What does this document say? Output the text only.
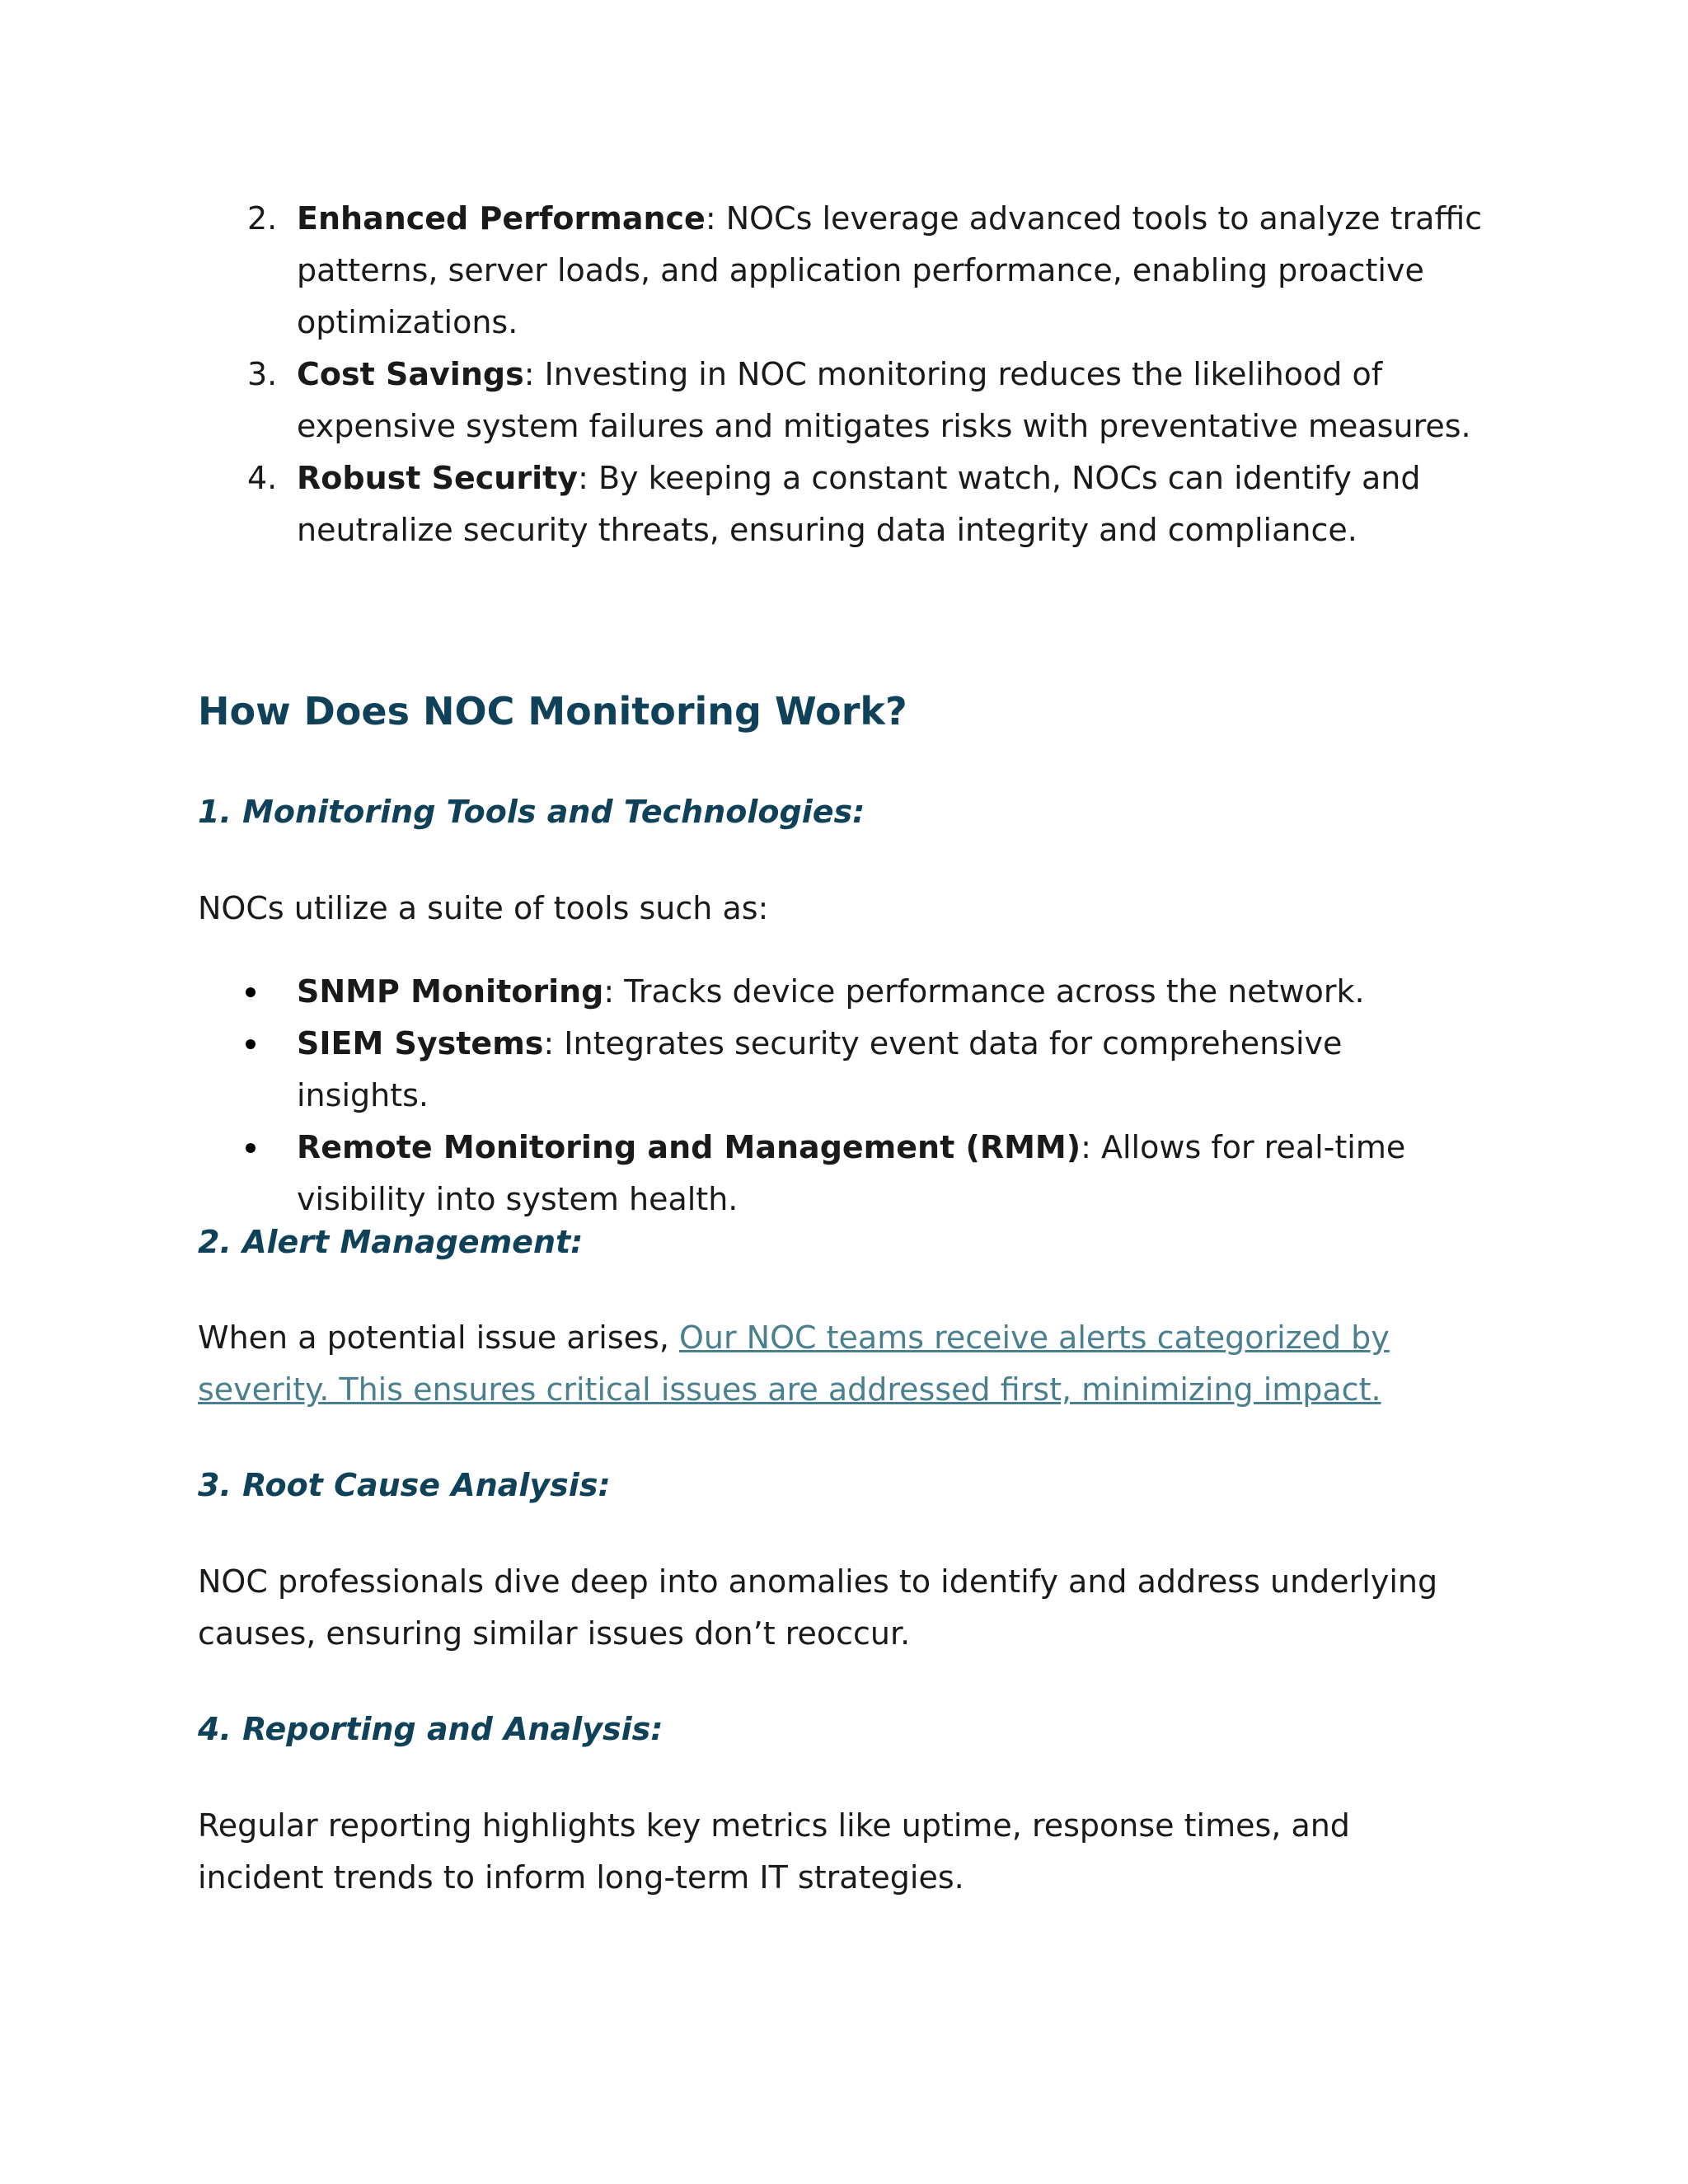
2. Enhanced Performance: NOCs leverage advanced tools to analyze traffic patterns, server loads, and application performance, enabling proactive optimizations.
3. Cost Savings: Investing in NOC monitoring reduces the likelihood of expensive system failures and mitigates risks with preventative measures.
4. Robust Security: By keeping a constant watch, NOCs can identify and neutralize security threats, ensuring data integrity and compliance.
How Does NOC Monitoring Work?
1. Monitoring Tools and Technologies:

NOCs utilize a suite of tools such as:

SNMP Monitoring: Tracks device performance across the network.
SIEM Systems: Integrates security event data for comprehensive insights.
Remote Monitoring and Management (RMM): Allows for real-time visibility into system health.
2. Alert Management:

When a potential issue arises, Our NOC teams receive alerts categorized by severity. This ensures critical issues are addressed first, minimizing impact.

3. Root Cause Analysis:

NOC professionals dive deep into anomalies to identify and address underlying causes, ensuring similar issues don’t reoccur.

4. Reporting and Analysis:

Regular reporting highlights key metrics like uptime, response times, and incident trends to inform long-term IT strategies.
